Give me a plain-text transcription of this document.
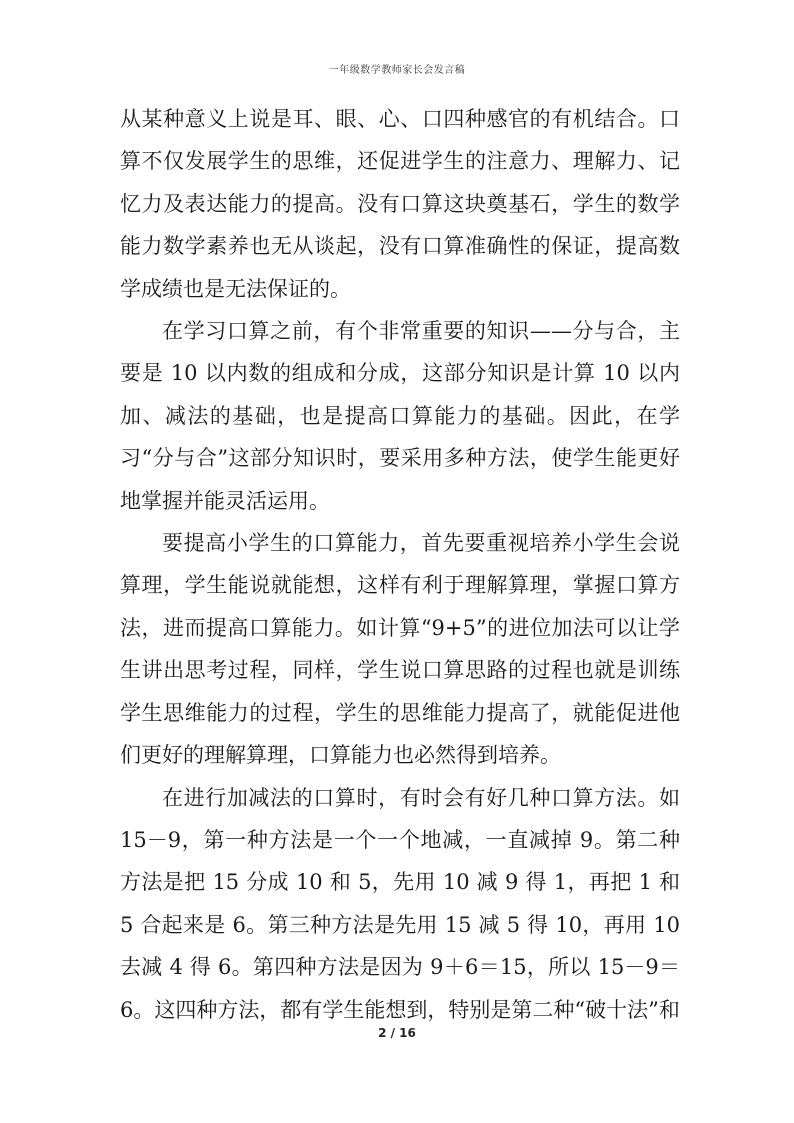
一年级数学教师家长会发言稿

从某种意义上说是耳、眼、心、口四种感官的有机结合。口算不仅发展学生的思维，还促进学生的注意力、理解力、记忆力及表达能力的提高。没有口算这块奠基石，学生的数学能力数学素养也无从谈起，没有口算准确性的保证，提高数学成绩也是无法保证的。

在学习口算之前，有个非常重要的知识——分与合，主要是 10 以内数的组成和分成，这部分知识是计算 10 以内加、减法的基础，也是提高口算能力的基础。因此，在学习“分与合”这部分知识时，要采用多种方法，使学生能更好地掌握并能灵活运用。

要提高小学生的口算能力，首先要重视培养小学生会说算理，学生能说就能想，这样有利于理解算理，掌握口算方法，进而提高口算能力。如计算“9+5”的进位加法可以让学生讲出思考过程，同样，学生说口算思路的过程也就是训练学生思维能力的过程，学生的思维能力提高了，就能促进他们更好的理解算理，口算能力也必然得到培养。

在进行加减法的口算时，有时会有好几种口算方法。如 15－9，第一种方法是一个一个地减，一直减掉 9。第二种方法是把 15 分成 10 和 5，先用 10 减 9 得 1，再把 1 和 5 合起来是 6。第三种方法是先用 15 减 5 得 10，再用 10 去减 4 得 6。第四种方法是因为 9＋6＝15，所以 15－9＝6。这四种方法，都有学生能想到，特别是第二种“破十法”和

2 / 16
